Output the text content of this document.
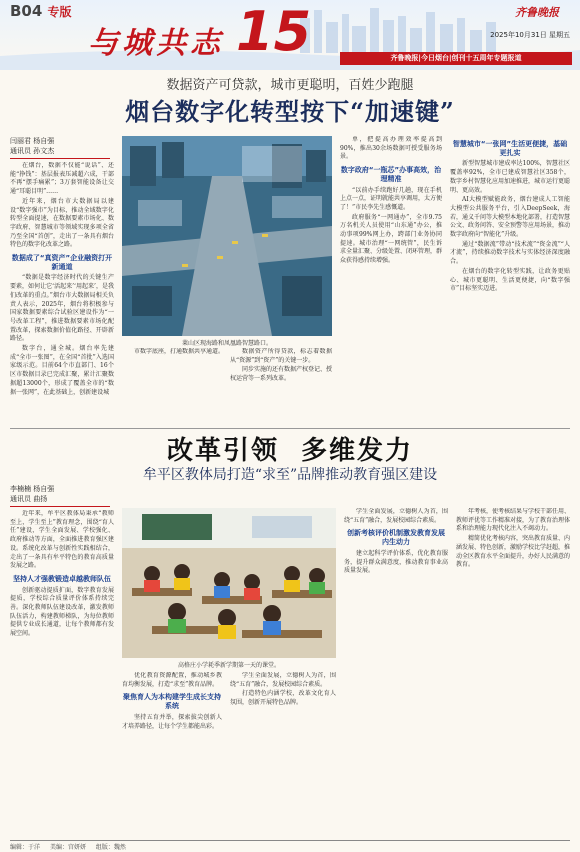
B04 专版
与城共志 15	齐鲁晚报
2025年10月31日 星期五
齐鲁晚报|今日烟台|创刊十五周年专题报道
数据资产可贷款，城市更聪明，百姓少跑腿
烟台数字化转型按下“加速键”
闫丽君 杨自强
通讯员 孙文杰

在烟台，数据不仅能“说话”、还能“挣钱”：基层报表压减超六成，干部不再“摆手痛累”；3万套智能设备让交通“耳聪目明”……

近年来，烟台市大数据局以建设“数字强市”为目标，推动全域数字化转型全面提速，在数据要素市场化、数字政府、智慧城市等领域实现多项全省乃至全国“首创”，走出了一条具有烟台特色的数字化改革之路。

数据成了“真资产”企业融资打开新通道

“数据是数字经济时代的关键生产要素，如何让它‘活起来’‘用起来’，是我们改革的重点。”烟台市大数据局相关负责人表示，2025年，烟台将积极参与国家数据要素综合试验区建设作为“一号改革工程”，推进数据要素市场化配置改革，探索数据价值化路径、开辟新路径。

数字台，通全城。烟台率先建成“全市一张图”，在全国“首批”入选国家级示范。目前64个市直部门、16个区市数据目录已完成汇聚，累计汇聚数据超13000个，形成了覆盖全市的“数据一张网”，在此基础上，创新建设城

莱山区现海路和凤凰路智慧路口。

市数字底座，打通数据共享通道。	数据资产所得贷款，标志着数据从“资源”到“资产”的关键一步。

同步实施的还有数据产权登记、授权运营等一系列改革。

单，把提高办理效率提高到90%，推出30余场数据可授受服务场景。

数字政府“一瓶芯”办事高效，治理精准

“以前办手续跑好几趟，现在手机上点一点，证明就能共享调用，太方便了！”市民李先生感慨道。

政府服务“一网通办”，全市9.75万名机关人员使用“山东通”办公，推动事项99%网上办，跨部门业务协同提速。城市治理“一网统管”，民生诉求全量汇聚、分级处置、闭环管理，群众获得感持续增强。

智慧城市“一张网”生活更便捷，基础更扎实

新型智慧城市建成率达100%，智慧社区覆盖率92%，全市已建成智慧社区358个，数字乡村智慧化应用加速推进，城市运行更聪明、更高效。

AI大模型赋能政务，烟台建成人工智能大模型公共服务平台，引入DeepSeek，海若，通义千问等大模型本地化部署，打造智慧公文、政务问答、安全预警等应用场景，推动数字政府向“智能化”升级。

通过“数据流”带动“技术流”“资金流”“人才流”，持续推动数字技术与实体经济深度融合。

在烟台的数字化转型实践，让政务更贴心、城市更聪明、生活更便捷，向“数字强市”目标坚实迈进。

改革引领  多维发力
牟平区教体局打造“求至”品牌推动教育强区建设
李楠楠 杨自强
通讯员 曲扬

近年来，牟平区教体局秉承“教师至上，学生至上”教育理念，围绕“育人任”建设，学生全面发展、学校强化、政府推动等方面，全面推进教育强区建设。系统化改革与创新性实践相结合，走出了一条具有牟平特色的教育高质量发展之路。

坚持人才强教锻造卓越教师队伍

创新驱动提质扩面，数字教育发展提质，学校综合质量评价体系持续完善。深化教师队伍建设改革，激发教师队伍活力，构建教师梯队，为每位教师提供专业成长通道，让每个教师都有发展空间。

高格庄小学耗季新学期第一天的课堂。

优化教育资源配置，推动城乡教育均衡发展，打造“求至”教育品牌。

聚焦育人为本构建学生成长支持系统

坚持五育并举，探索拔尖创新人才培养路径，让每个学生都能出彩。

学生全面发展，立德树人为首，围绕“五育”融合，发展校园综合素质。

打造特色内涵学校，改革文化育人氛围，创新开展特色品牌。

学生全面发展，立德树人为首，围绕“五育”融合，发展校园综合素质。

创新考核评价机制激发教育发展内生动力

建立起科学评价体系，优化教育服务，提升群众满意度，推动教育事业高质量发展。

年考核，使考核结果与学校干部任用、教师评优等工作精准对接，为了教育治理体系和治理能力现代化注入不竭动力。

精简优化考核内容，突出教育质量、内涵发展、特色创新，激励学校比学赶超，推动全区教育水平全面提升，办好人民满意的教育。

编辑：于洋 美编：宫妍妍 组版：魏然
